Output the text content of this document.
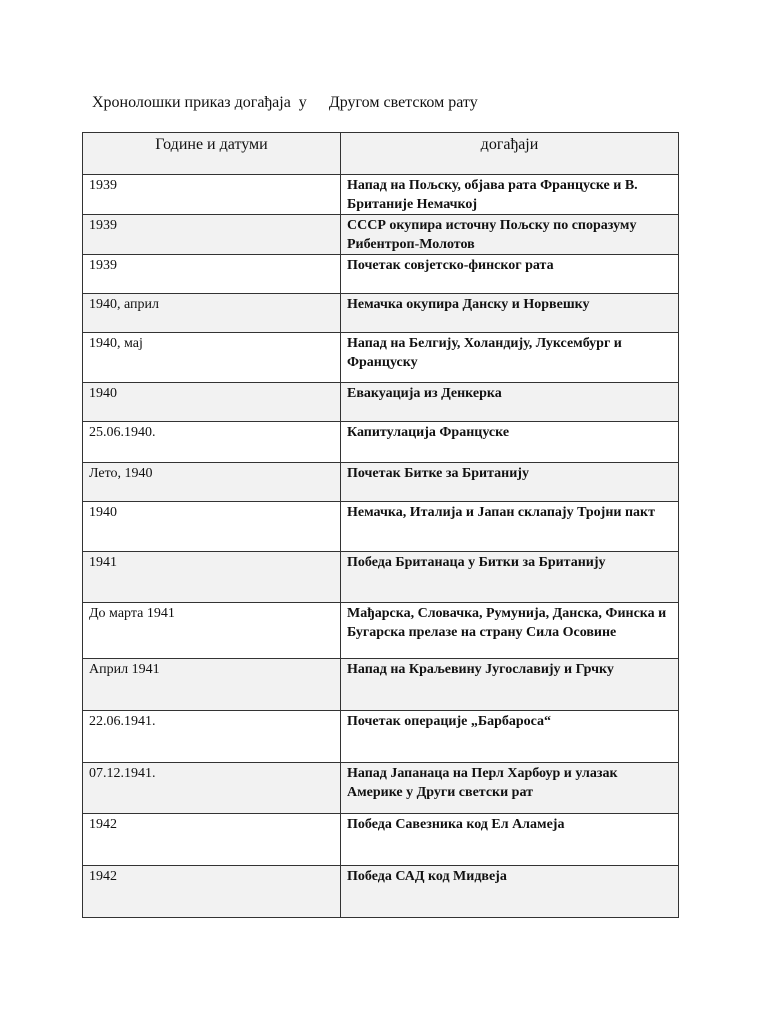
Хронолошки приказ догађаја  у Другом светском рату
Године и датуми	догађаји
1939	Напад на Пољску, објава рата Француске и В. Британије Немачкој
1939	СССР окупира источну Пољску по споразуму Рибентроп-Молотов
1939	Почетак совјетско-финског рата
1940, април	Немачка окупира Данску и Норвешку
1940, мај	Напад на Белгију, Холандију, Луксембург и Француску
1940	Евакуација из Денкерка
25.06.1940.	Капитулација Француске
Лето, 1940	Почетак Битке за Британију
1940	Немачка, Италија и Јапан склапају Тројни пакт
1941	Победа Британаца у Битки за Британију
До марта 1941	Мађарска, Словачка, Румунија, Данска, Финска и Бугарска прелазе на страну Сила Осовине
Април 1941	Напад на Краљевину Југославију и Грчку
22.06.1941.	Почетак операције „Барбароса“
07.12.1941.	Напад Јапанаца на Перл Харбоур и улазак Америке у Други светски рат
1942	Победа Савезника код Ел Аламеја
1942	Победа САД код Мидвеја
